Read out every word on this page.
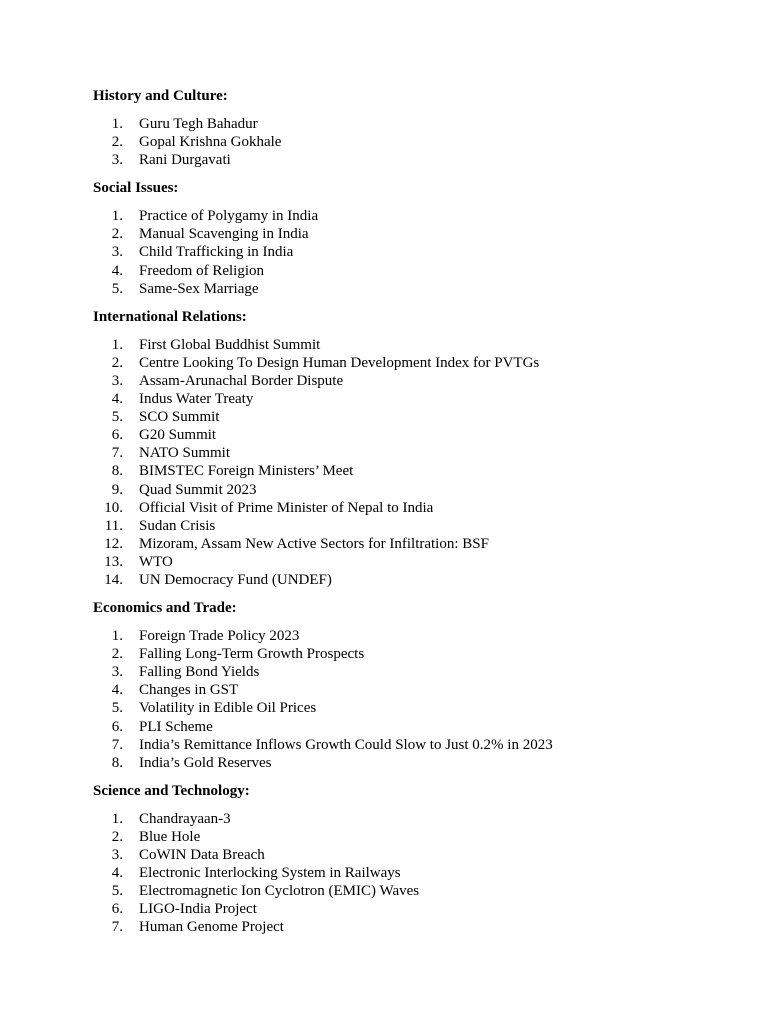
History and Culture:

1. Guru Tegh Bahadur
2. Gopal Krishna Gokhale
3. Rani Durgavati

Social Issues:

1. Practice of Polygamy in India
2. Manual Scavenging in India
3. Child Trafficking in India
4. Freedom of Religion
5. Same-Sex Marriage

International Relations:

1. First Global Buddhist Summit
2. Centre Looking To Design Human Development Index for PVTGs
3. Assam-Arunachal Border Dispute
4. Indus Water Treaty
5. SCO Summit
6. G20 Summit
7. NATO Summit
8. BIMSTEC Foreign Ministers’ Meet
9. Quad Summit 2023
10. Official Visit of Prime Minister of Nepal to India
11. Sudan Crisis
12. Mizoram, Assam New Active Sectors for Infiltration: BSF
13. WTO
14. UN Democracy Fund (UNDEF)

Economics and Trade:

1. Foreign Trade Policy 2023
2. Falling Long-Term Growth Prospects
3. Falling Bond Yields
4. Changes in GST
5. Volatility in Edible Oil Prices
6. PLI Scheme
7. India’s Remittance Inflows Growth Could Slow to Just 0.2% in 2023
8. India’s Gold Reserves

Science and Technology:

1. Chandrayaan-3
2. Blue Hole
3. CoWIN Data Breach
4. Electronic Interlocking System in Railways
5. Electromagnetic Ion Cyclotron (EMIC) Waves
6. LIGO-India Project
7. Human Genome Project
